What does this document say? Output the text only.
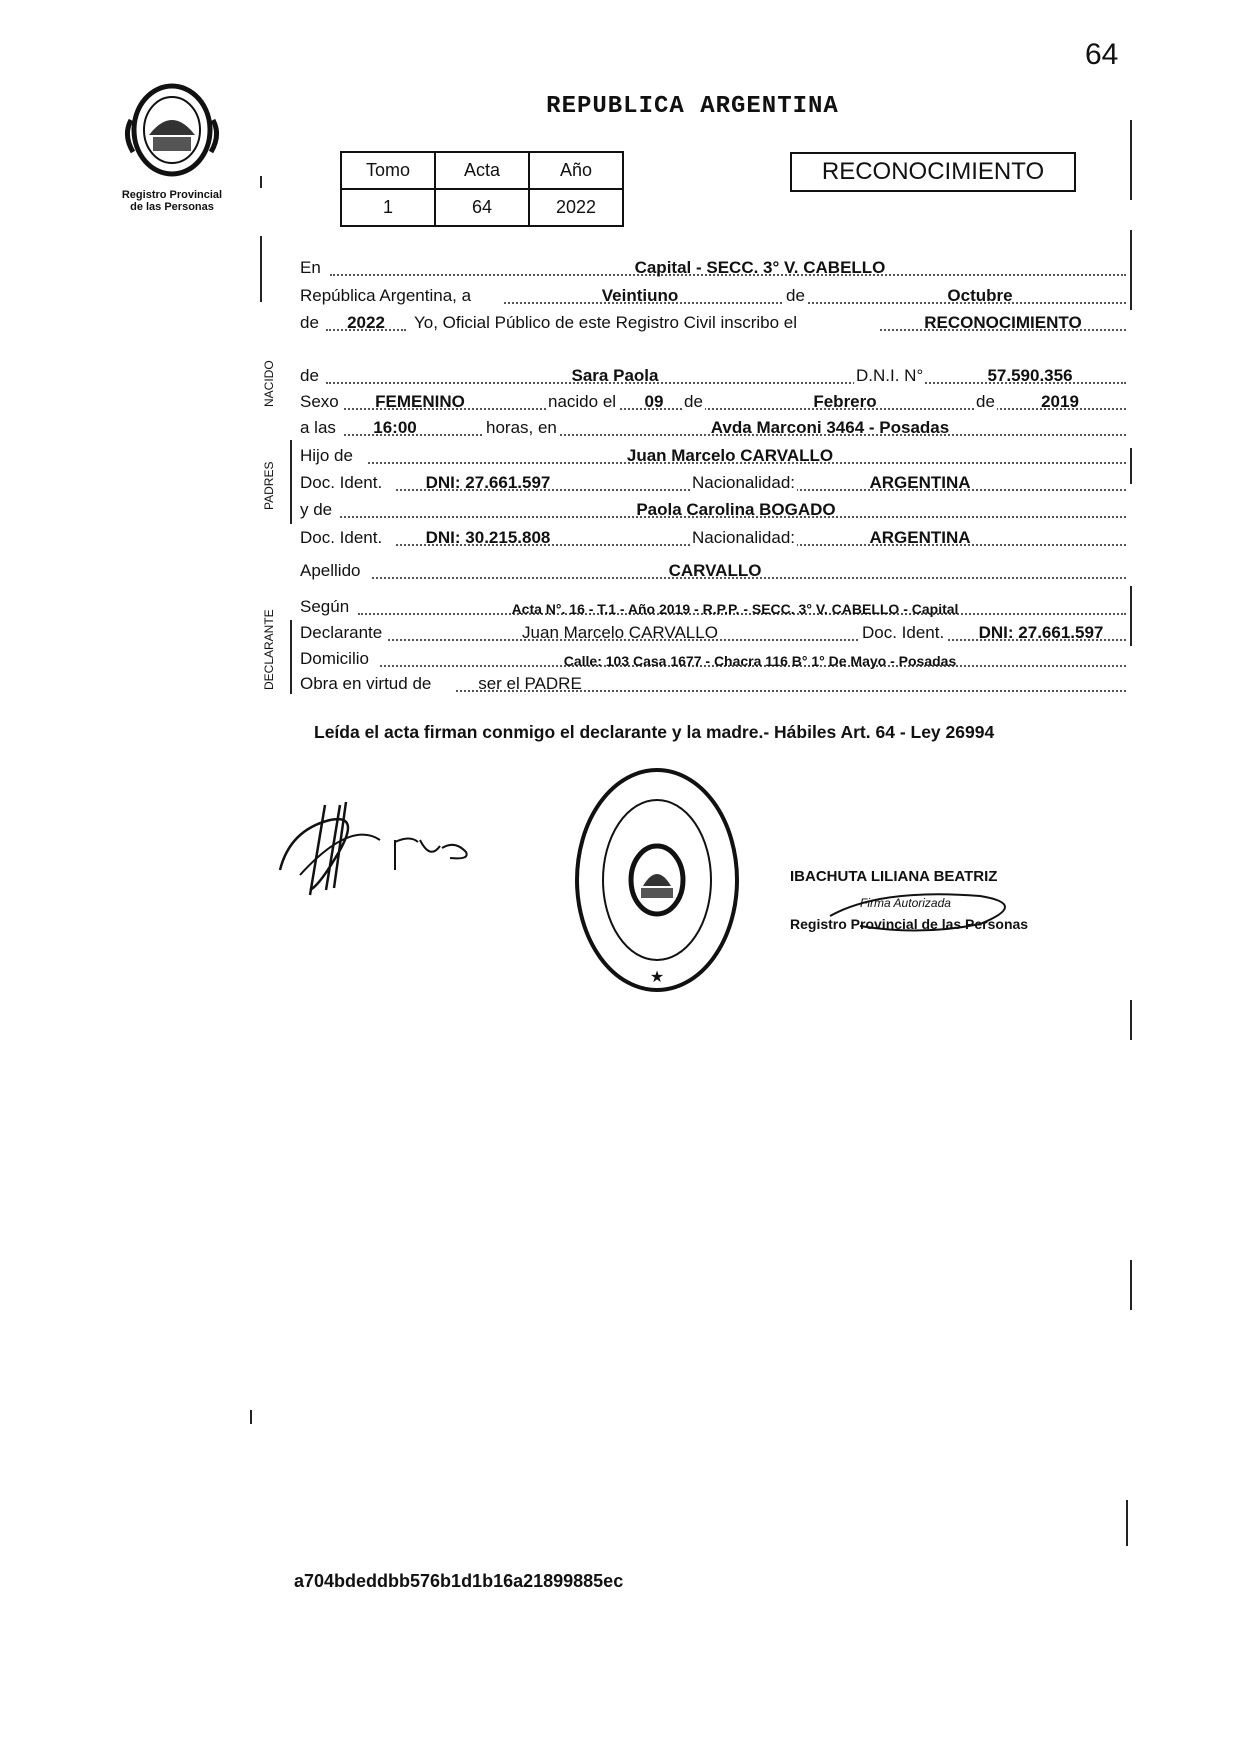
64
Registro Provincial
de las Personas
REPUBLICA ARGENTINA
Tomo	Acta	Año
1	64	2022
RECONOCIMIENTO
NACIDO
PADRES
DECLARANTE
En	Capital - SECC. 3° V. CABELLO
República Argentina, a	Veintiuno	de	Octubre
de	2022	Yo, Oficial Público de este Registro Civil inscribo el	RECONOCIMIENTO
de	Sara Paola	D.N.I. N°	57.590.356
Sexo	FEMENINO	nacido el	09	de	Febrero	de	2019
a las	16:00	horas, en	Avda Marconi 3464 - Posadas
Hijo de	Juan Marcelo CARVALLO
Doc. Ident.	DNI: 27.661.597	Nacionalidad:	ARGENTINA
y de	Paola Carolina BOGADO
Doc. Ident.	DNI: 30.215.808	Nacionalidad:	ARGENTINA
Apellido	CARVALLO
Según	Acta N°. 16 - T.1 - Año 2019 - R.P.P. - SECC. 3° V. CABELLO - Capital
Declarante	Juan Marcelo CARVALLO	Doc. Ident.	DNI: 27.661.597
Domicilio	Calle: 103 Casa 1677 - Chacra 116 B° 1° De Mayo - Posadas
Obra en virtud de	ser el PADRE
Leída el acta firman conmigo el declarante y la madre.- Hábiles Art. 64 - Ley 26994
★
IBACHUTA LILIANA BEATRIZ
Firma Autorizada
Registro Provincial de las Personas
a704bdeddbb576b1d1b16a21899885ec
